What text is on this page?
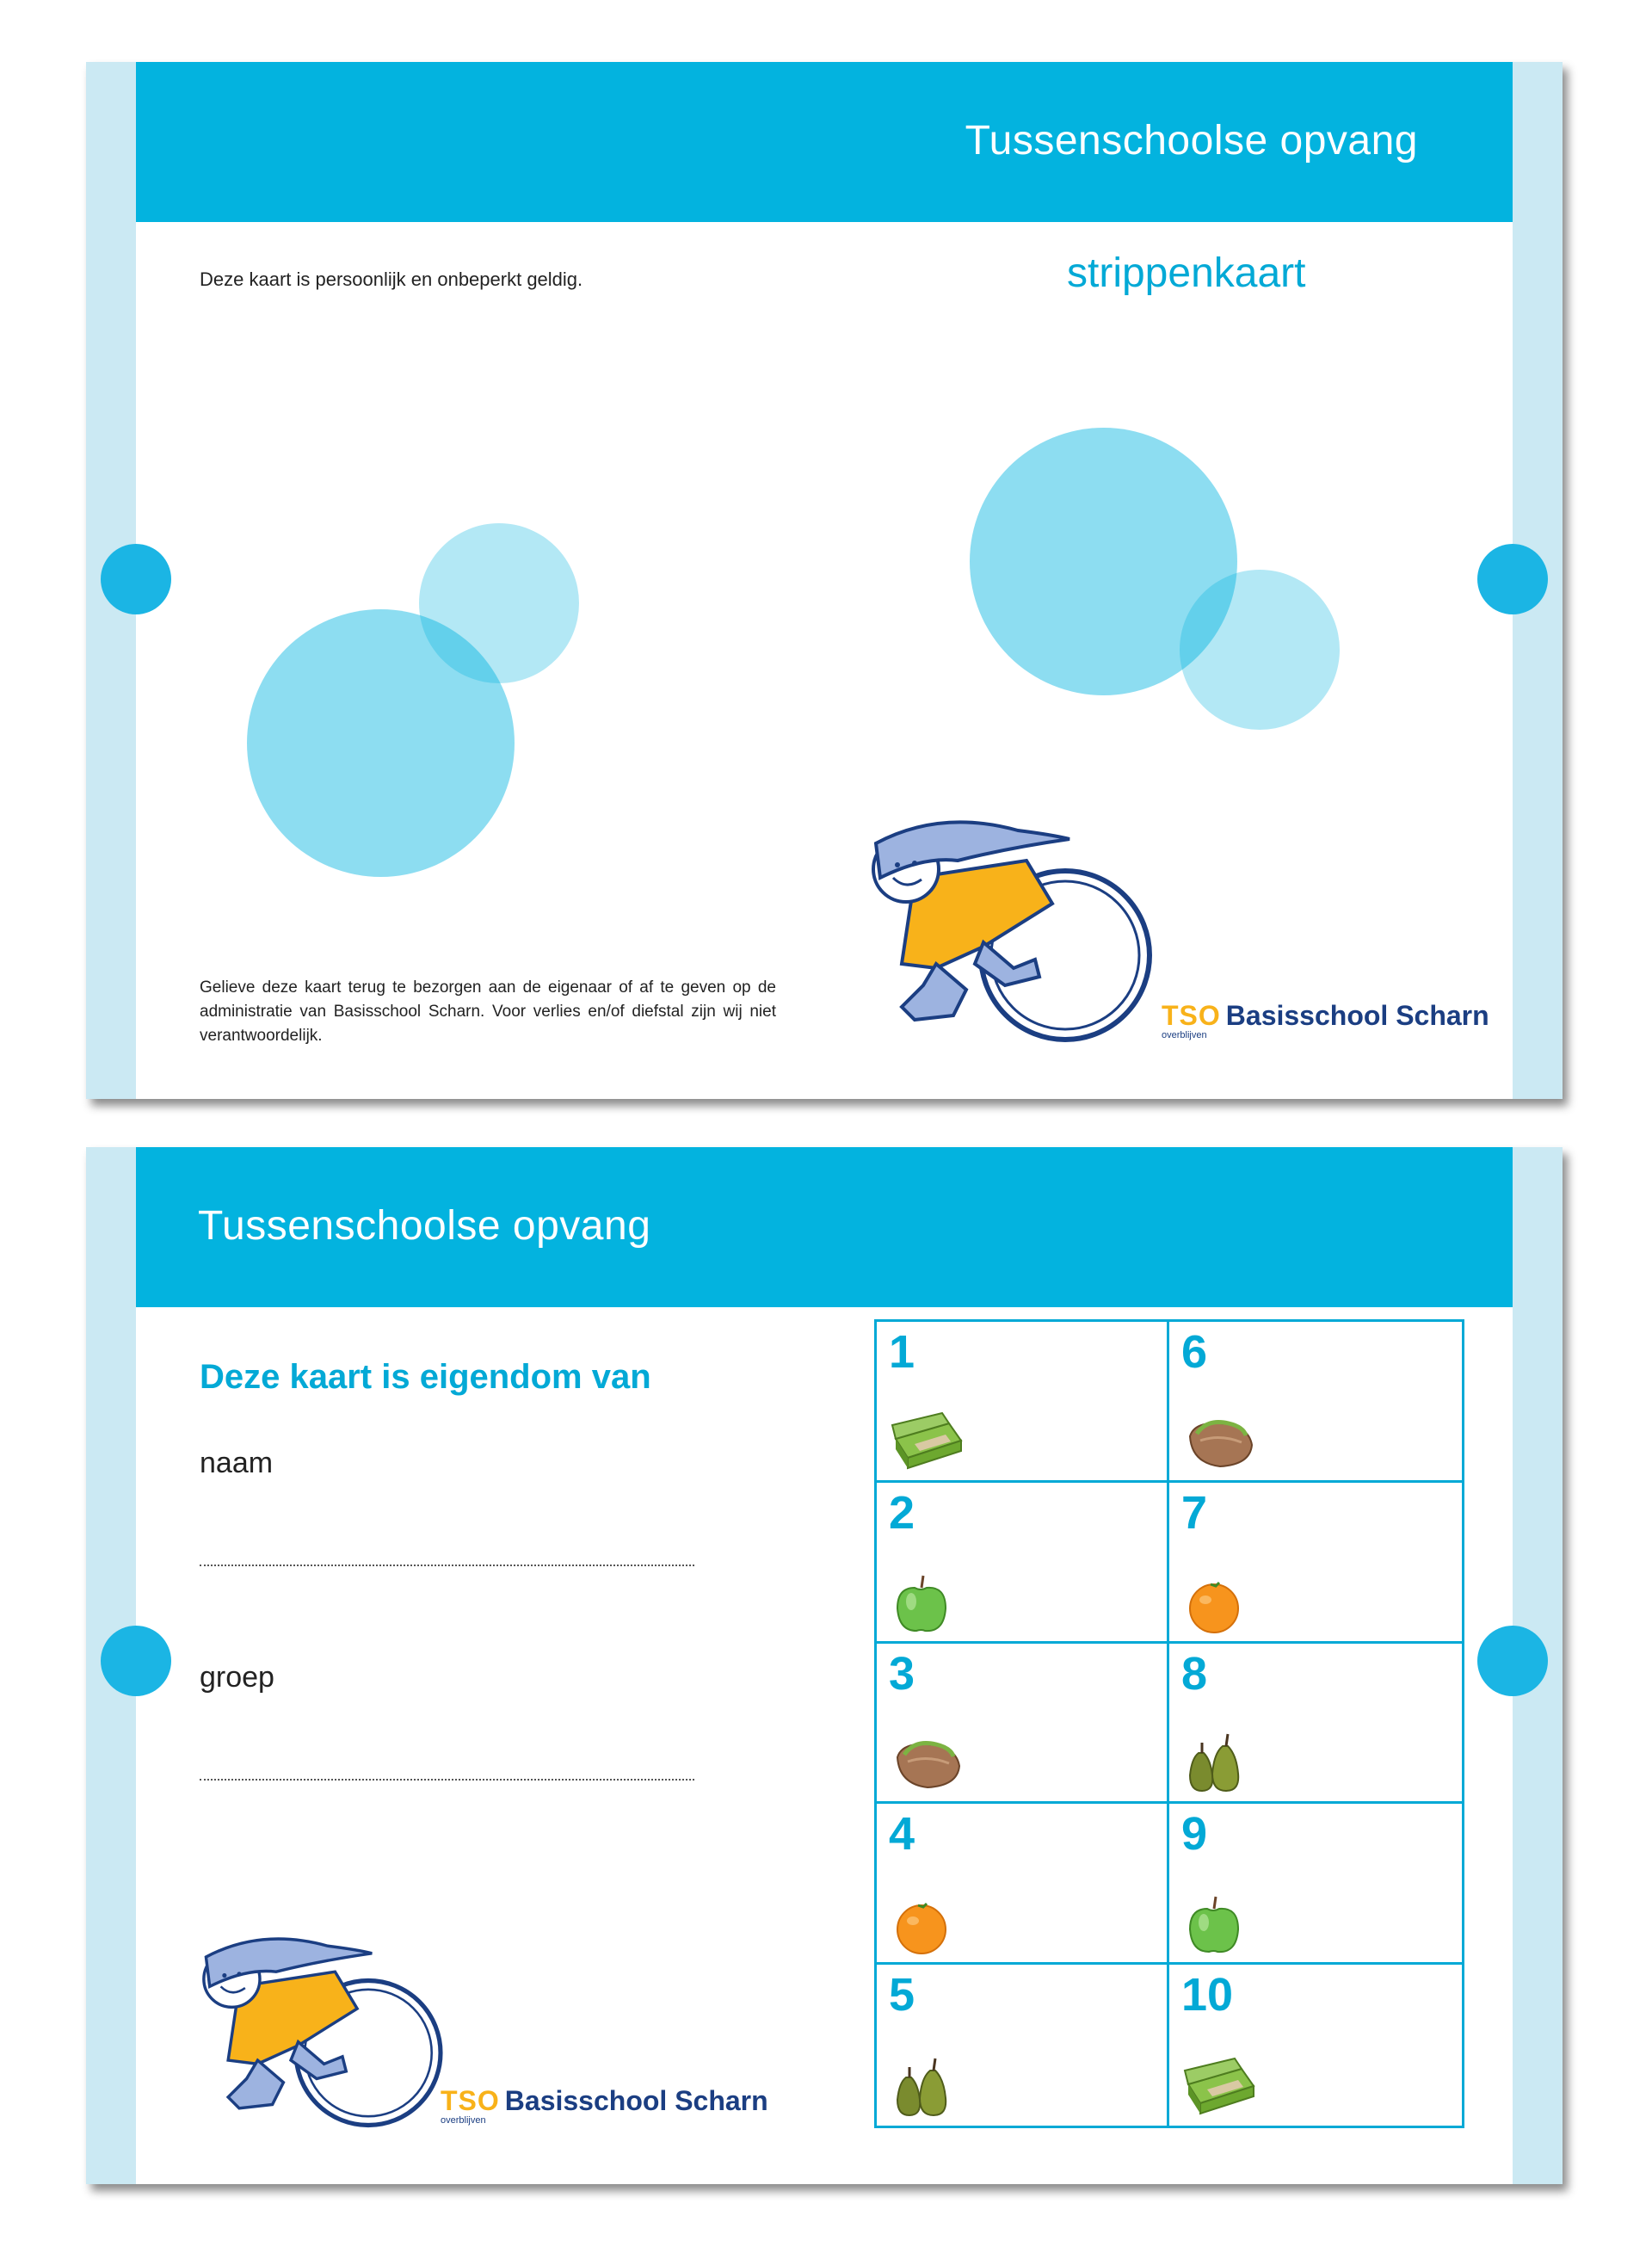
Tussenschoolse opvang
Deze kaart is persoonlijk en onbeperkt geldig.	strippenkaart
Gelieve deze kaart terug te bezorgen aan de eigenaar of af te geven op de administratie van Basisschool Scharn. Voor verlies en/of diefstal zijn wij niet verantwoordelijk.
TSO Basisschool Scharn
overblijven
Tussenschoolse opvang
Deze kaart is eigendom van
naam
groep
TSO Basisschool Scharn
overblijven
1	6
2	7
3	8
4	9
5	10
